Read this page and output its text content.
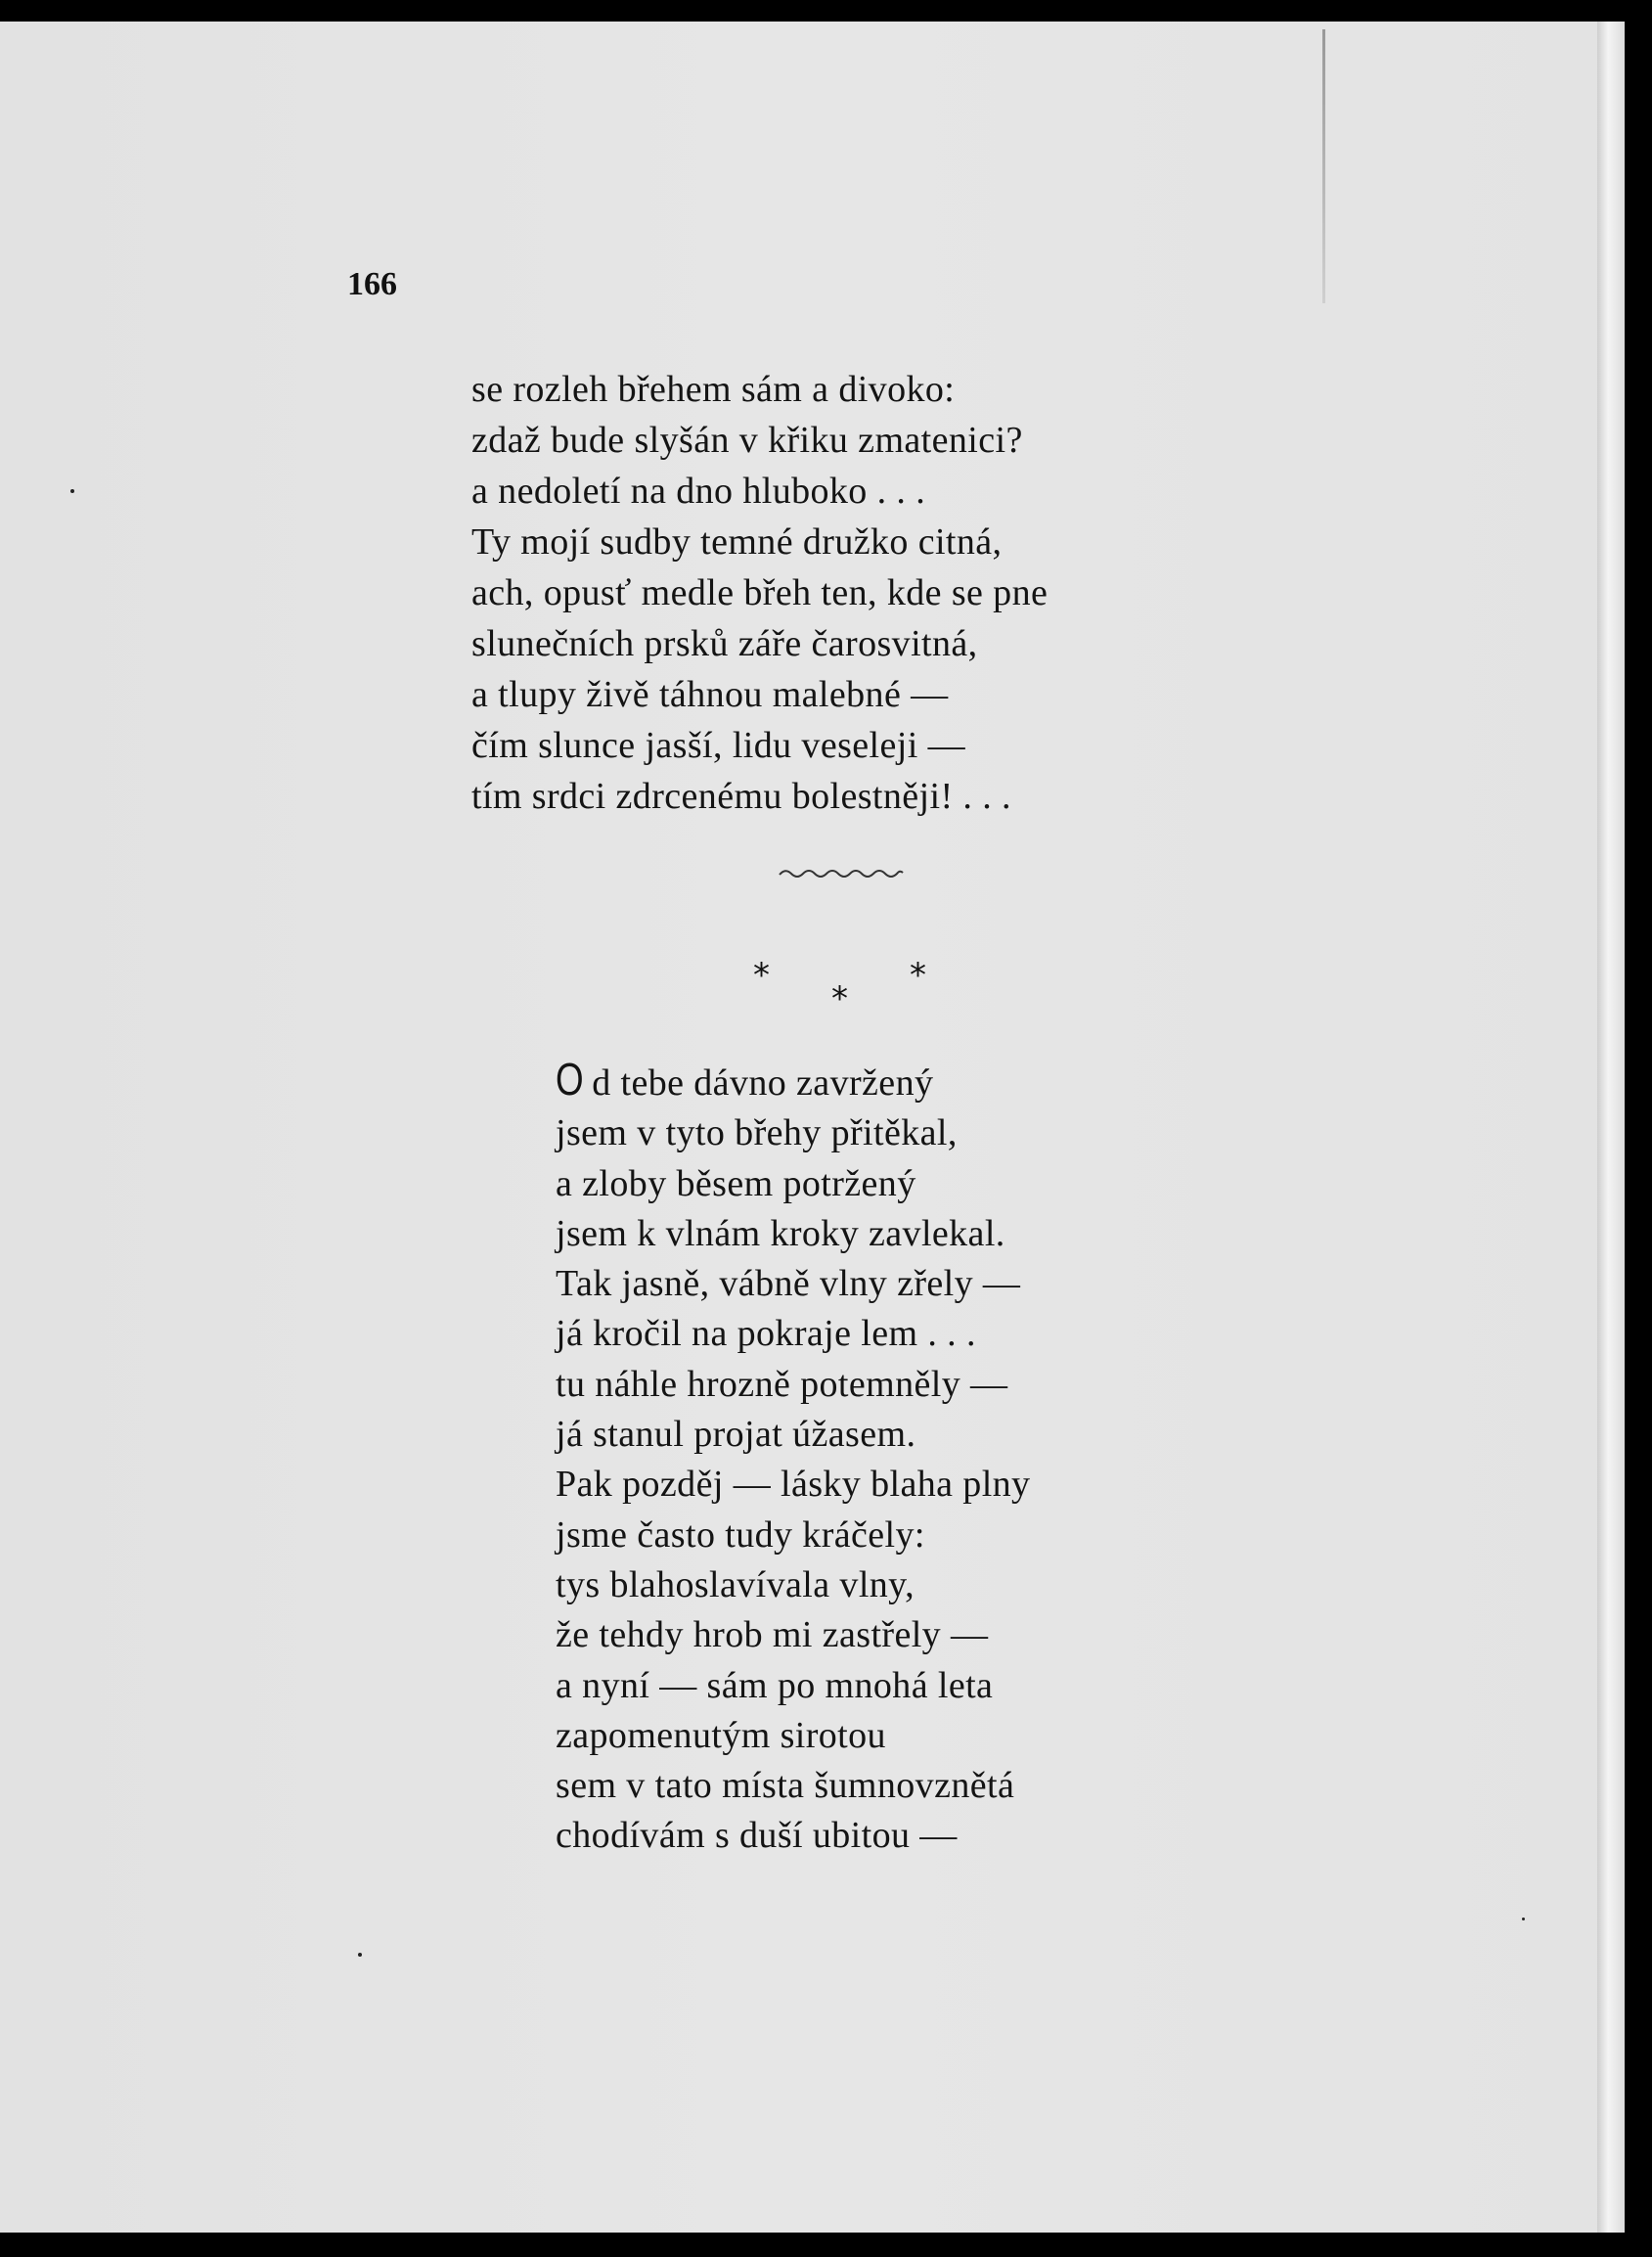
166

se rozleh břehem sám a divoko:
zdaž bude slyšán v křiku zmatenici?
a nedoletí na dno hluboko . . .
Ty mojí sudby temné družko citná,
ach, opusť medle břeh ten, kde se pne
slunečních prsků záře čarosvitná,
a tlupy živě táhnou malebné —
čím slunce jasší, lidu veseleji —
tím srdci zdrcenému bolestněji! . . .
*
*
*
O d tebe dávno zavržený
jsem v tyto břehy přitěkal,
a zloby běsem potržený
jsem k vlnám kroky zavlekal.
Tak jasně, vábně vlny zřely —
já kročil na pokraje lem . . .
tu náhle hrozně potemněly —
já stanul projat úžasem.
Pak pozděj — lásky blaha plny
jsme často tudy kráčely:
tys blahoslavívala vlny,
že tehdy hrob mi zastřely —
a nyní — sám po mnohá leta
zapomenutým sirotou
sem v tato místa šumnovznětá
chodívám s duší ubitou —
